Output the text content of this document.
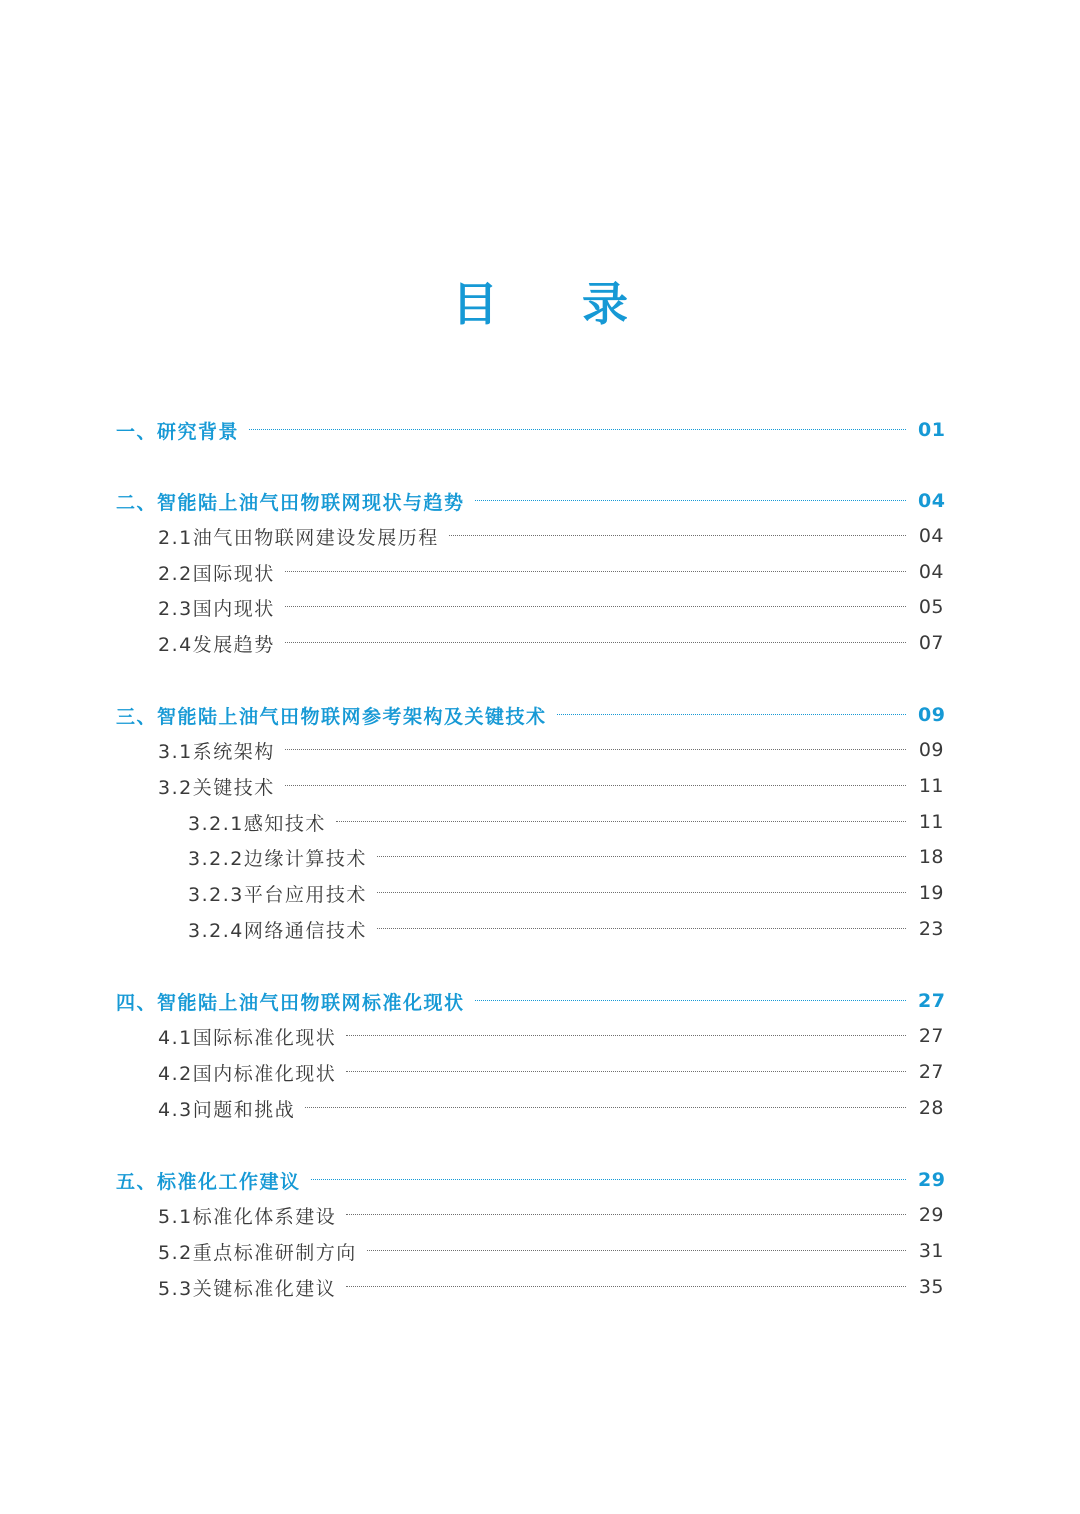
目 录
一、研究背景	01
二、智能陆上油气田物联网现状与趋势	04
2.1油气田物联网建设发展历程	04
2.2国际现状	04
2.3国内现状	05
2.4发展趋势	07
三、智能陆上油气田物联网参考架构及关键技术	09
3.1系统架构	09
3.2关键技术	11
3.2.1感知技术	11
3.2.2边缘计算技术	18
3.2.3平台应用技术	19
3.2.4网络通信技术	23
四、智能陆上油气田物联网标准化现状	27
4.1国际标准化现状	27
4.2国内标准化现状	27
4.3问题和挑战	28
五、标准化工作建议	29
5.1标准化体系建设	29
5.2重点标准研制方向	31
5.3关键标准化建议	35
